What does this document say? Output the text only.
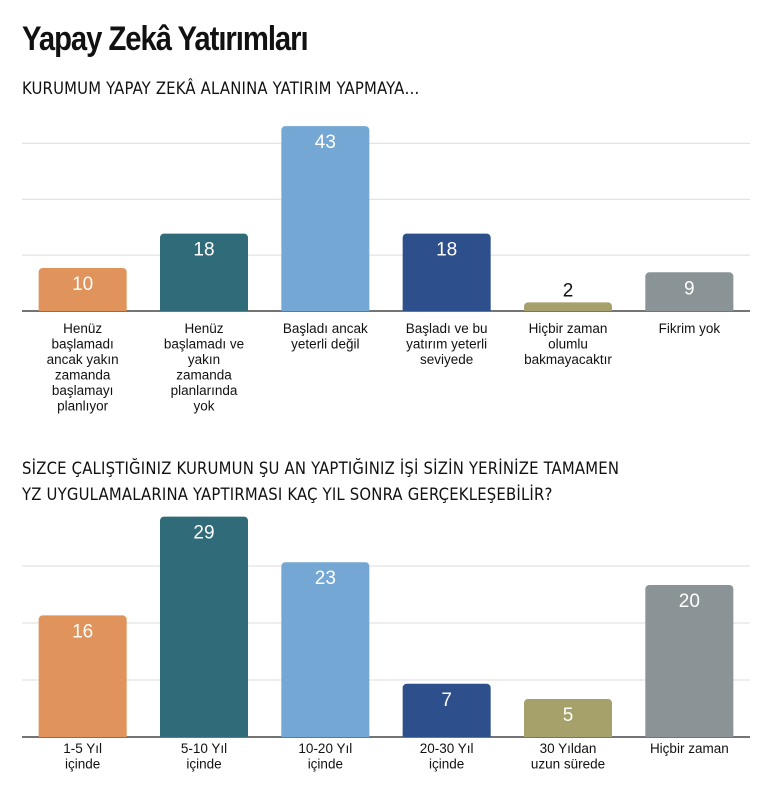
Yapay Zekâ Yatırımları
KURUMUM YAPAY ZEKÂ ALANINA YATIRIM YAPMAYA…
SİZCE ÇALIŞTIĞINIZ KURUMUN ŞU AN YAPTIĞINIZ İŞİ SİZİN YERİNİZE TAMAMEN
YZ UYGULAMALARINA YAPTIRMASI KAÇ YIL SONRA GERÇEKLEŞEBİLİR?
10
Henüz
başlamadı
ancak yakın
zamanda
başlamayı
planlıyor
18
Henüz
başlamadı ve
yakın
zamanda
planlarında
yok
43
Başladı ancak
yeterli değil
18
Başladı ve bu
yatırım yeterli
seviyede
2
Hiçbir zaman
olumlu
bakmayacaktır
9
Fikrim yok
16
1-5 Yıl
içinde
29
5-10 Yıl
içinde
23
10-20 Yıl
içinde
7
20-30 Yıl
içinde
5
30 Yıldan
uzun sürede
20
Hiçbir zaman
